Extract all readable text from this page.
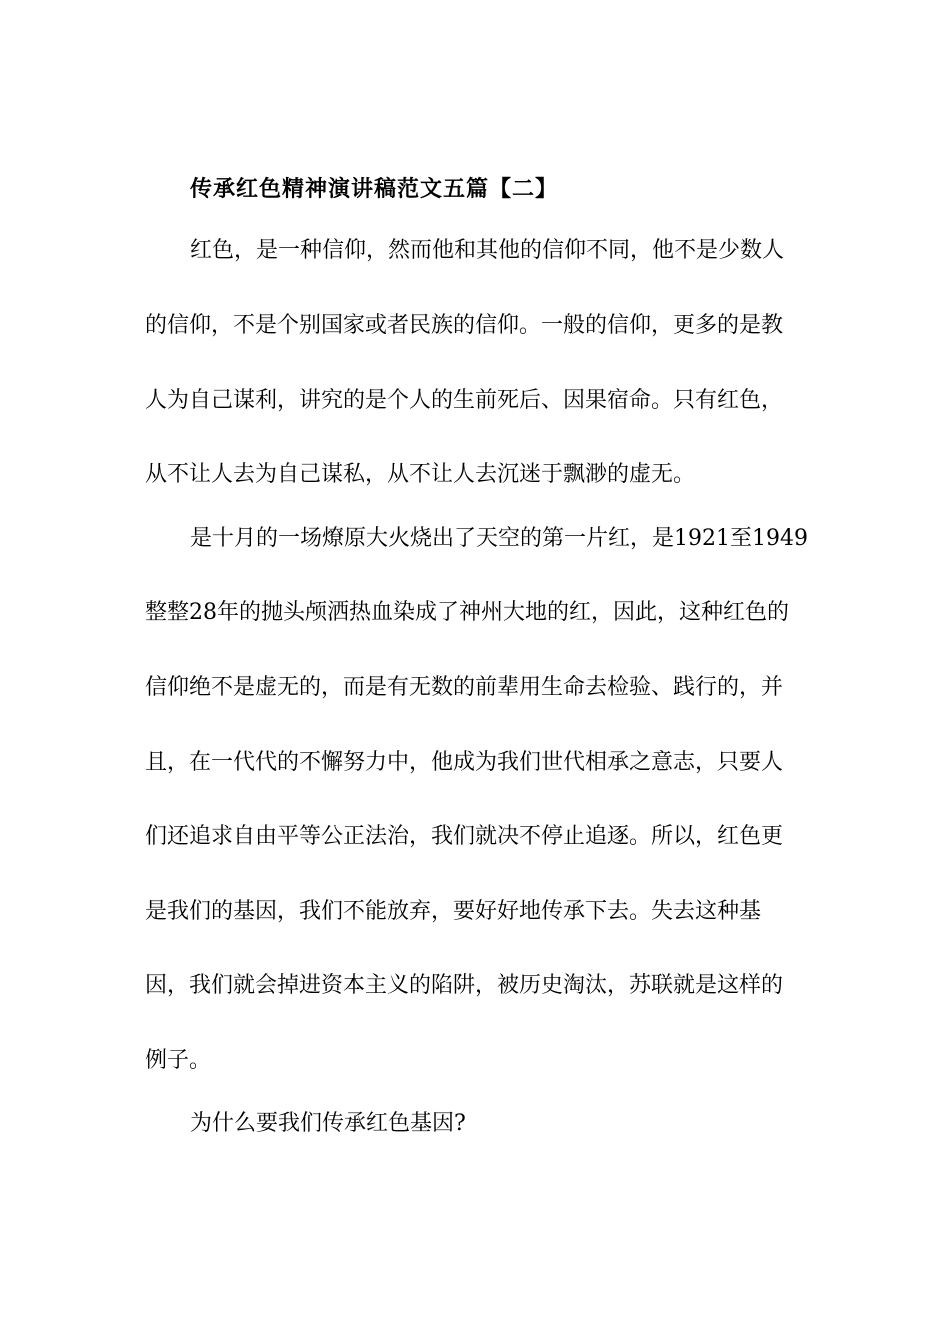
传承红色精神演讲稿范文五篇【二】
红色，是一种信仰，然而他和其他的信仰不同，他不是少数人
的信仰，不是个别国家或者民族的信仰。一般的信仰，更多的是教
人为自己谋利，讲究的是个人的生前死后、因果宿命。只有红色，
从不让人去为自己谋私，从不让人去沉迷于飘渺的虚无。
是十月的一场燎原大火烧出了天空的第一片红，是1921至1949
整整28年的抛头颅洒热血染成了神州大地的红，因此，这种红色的
信仰绝不是虚无的，而是有无数的前辈用生命去检验、践行的，并
且，在一代代的不懈努力中，他成为我们世代相承之意志，只要人
们还追求自由平等公正法治，我们就决不停止追逐。所以，红色更
是我们的基因，我们不能放弃，要好好地传承下去。失去这种基
因，我们就会掉进资本主义的陷阱，被历史淘汰，苏联就是这样的
例子。
为什么要我们传承红色基因?
